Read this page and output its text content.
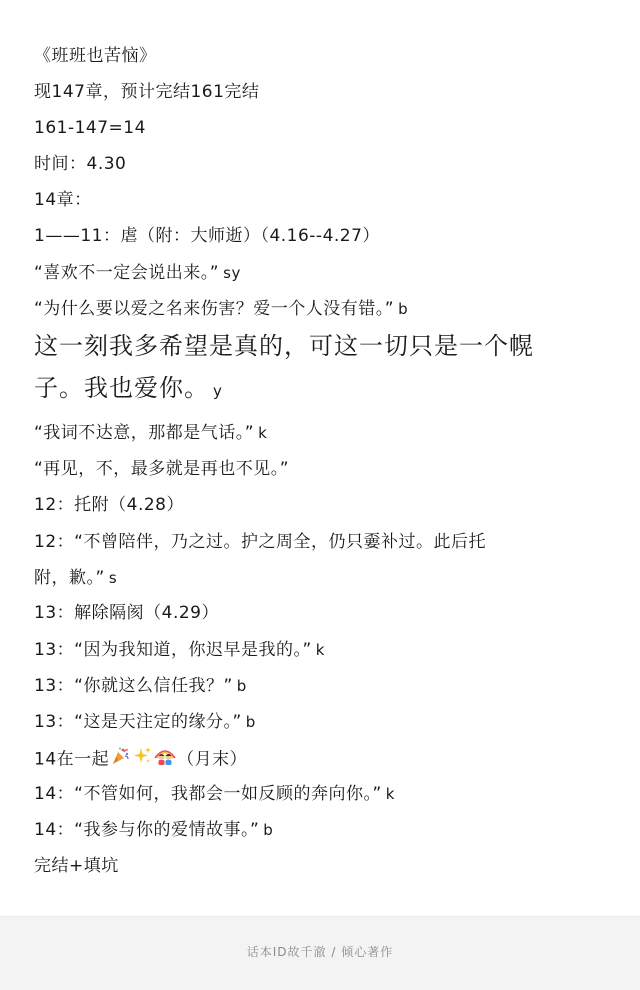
《班班也苦恼》
现147章，预计完结161完结
161-147=14
时间：4.30
14章：
1——11：虐（附：大师逝）（4.16--4.27）
“喜欢不一定会说出来。” sy
“为什么要以爱之名来伤害？爱一个人没有错。” b
这一刻我多希望是真的，可这一切只是一个幌
子。我也爱你。 y
“我词不达意，那都是气话。” k
“再见，不，最多就是再也不见。”
12：托附（4.28）
12：“不曾陪伴，乃之过。护之周全，仍只嫑补过。此后托
附，歉。” s
13：解除隔阂（4.29）
13：“因为我知道，你迟早是我的。” k
13：“你就这么信任我？” b
13：“这是天注定的缘分。” b
14在一起	（月末）
14：“不管如何，我都会一如反顾的奔向你。” k
14：“我参与你的爱情故事。” b
完结+填坑
话本ID故千澈 / 倾心著作
